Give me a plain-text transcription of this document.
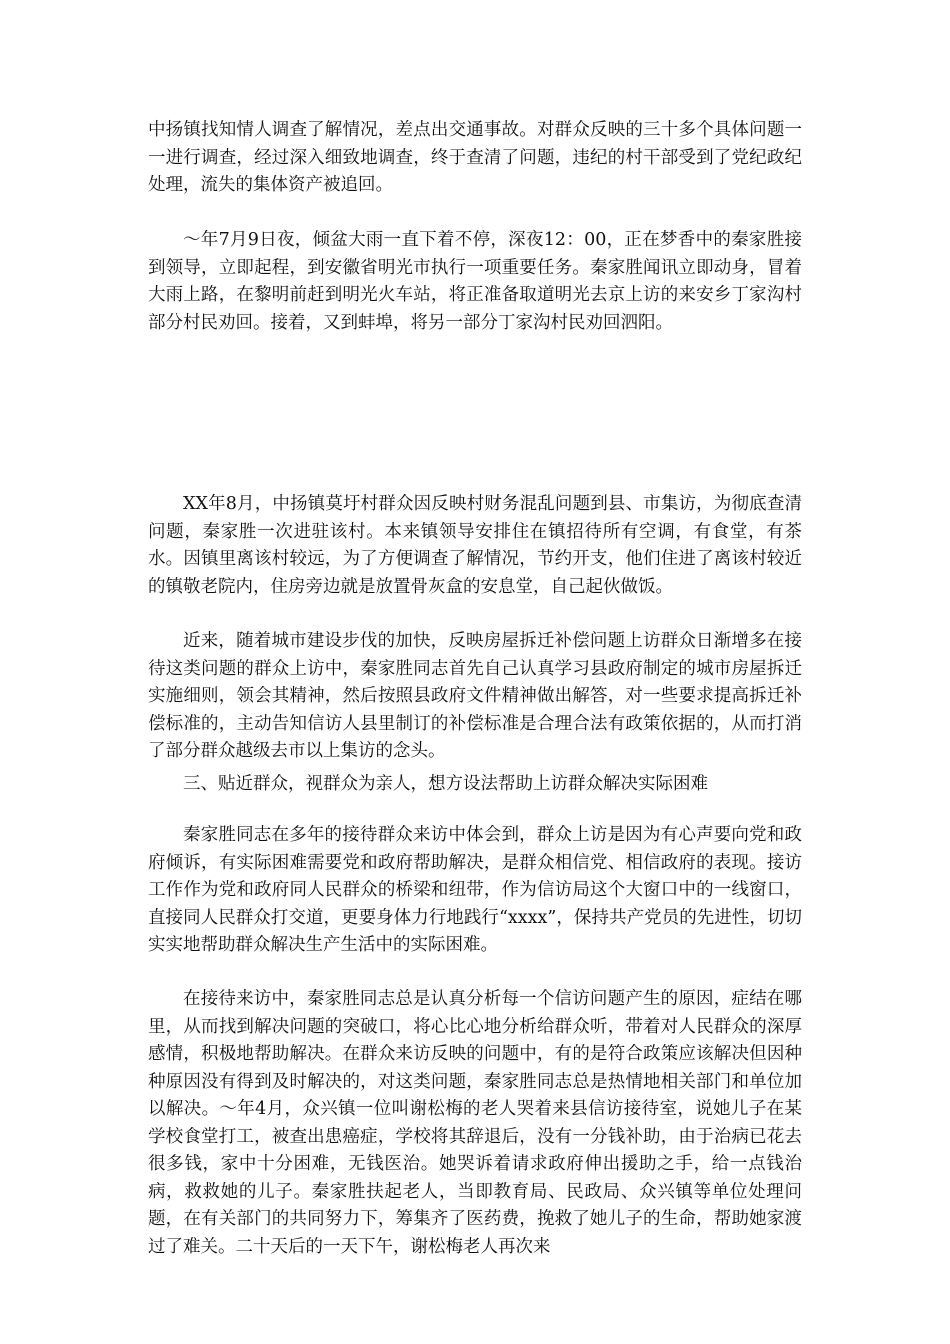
中扬镇找知情人调查了解情况，差点出交通事故。对群众反映的三十多个具体问题一一进行调查，经过深入细致地调查，终于查清了问题，违纪的村干部受到了党纪政纪处理，流失的集体资产被追回。

～年7月9日夜，倾盆大雨一直下着不停，深夜12：00，正在梦香中的秦家胜接到领导，立即起程，到安徽省明光市执行一项重要任务。秦家胜闻讯立即动身，冒着大雨上路，在黎明前赶到明光火车站，将正准备取道明光去京上访的来安乡丁家沟村部分村民劝回。接着，又到蚌埠，将另一部分丁家沟村民劝回泗阳。

XX年8月，中扬镇莫圩村群众因反映村财务混乱问题到县、市集访，为彻底查清问题，秦家胜一次进驻该村。本来镇领导安排住在镇招待所有空调，有食堂，有茶水。因镇里离该村较远，为了方便调查了解情况，节约开支，他们住进了离该村较近的镇敬老院内，住房旁边就是放置骨灰盒的安息堂，自己起伙做饭。

近来，随着城市建设步伐的加快，反映房屋拆迁补偿问题上访群众日渐增多在接待这类问题的群众上访中，秦家胜同志首先自己认真学习县政府制定的城市房屋拆迁实施细则，领会其精神，然后按照县政府文件精神做出解答，对一些要求提高拆迁补偿标准的，主动告知信访人县里制订的补偿标准是合理合法有政策依据的，从而打消了部分群众越级去市以上集访的念头。

三、贴近群众，视群众为亲人，想方设法帮助上访群众解决实际困难

秦家胜同志在多年的接待群众来访中体会到，群众上访是因为有心声要向党和政府倾诉，有实际困难需要党和政府帮助解决，是群众相信党、相信政府的表现。接访工作作为党和政府同人民群众的桥梁和纽带，作为信访局这个大窗口中的一线窗口，直接同人民群众打交道，更要身体力行地践行“xxxx”，保持共产党员的先进性，切切实实地帮助群众解决生产生活中的实际困难。

在接待来访中，秦家胜同志总是认真分析每一个信访问题产生的原因，症结在哪里，从而找到解决问题的突破口，将心比心地分析给群众听，带着对人民群众的深厚感情，积极地帮助解决。在群众来访反映的问题中，有的是符合政策应该解决但因种种原因没有得到及时解决的，对这类问题，秦家胜同志总是热情地相关部门和单位加以解决。～年4月，众兴镇一位叫谢松梅的老人哭着来县信访接待室，说她儿子在某学校食堂打工，被查出患癌症，学校将其辞退后，没有一分钱补助，由于治病已花去很多钱，家中十分困难，无钱医治。她哭诉着请求政府伸出援助之手，给一点钱治病，救救她的儿子。秦家胜扶起老人，当即教育局、民政局、众兴镇等单位处理问题，在有关部门的共同努力下，筹集齐了医药费，挽救了她儿子的生命，帮助她家渡过了难关。二十天后的一天下午，谢松梅老人再次来
